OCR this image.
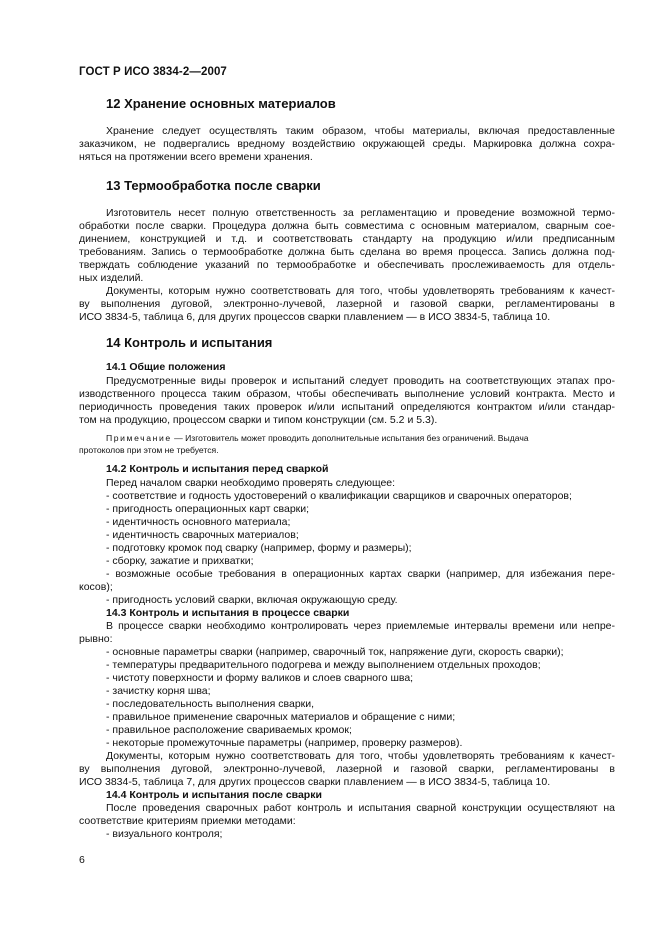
ГОСТ Р ИСО 3834-2—2007
12 Хранение основных материалов
Хранение следует осуществлять таким образом, чтобы материалы, включая предоставленные
заказчиком, не подвергались вредному воздействию окружающей среды. Маркировка должна сохра-
няться на протяжении всего времени хранения.
13 Термообработка после сварки
Изготовитель несет полную ответственность за регламентацию и проведение возможной термо-
обработки после сварки. Процедура должна быть совместима с основным материалом, сварным сое-
динением, конструкцией и т.д. и соответствовать стандарту на продукцию и/или предписанным
требованиям. Запись о термообработке должна быть сделана во время процесса. Запись должна под-
тверждать соблюдение указаний по термообработке и обеспечивать прослеживаемость для отдель-
ных изделий.
Документы, которым нужно соответствовать для того, чтобы удовлетворять требованиям к качест-
ву выполнения дуговой, электронно-лучевой, лазерной и газовой сварки, регламентированы в
ИСО 3834-5, таблица 6, для других процессов сварки плавлением — в ИСО 3834-5, таблица 10.
14 Контроль и испытания
14.1 Общие положения
Предусмотренные виды проверок и испытаний следует проводить на соответствующих этапах про-
изводственного процесса таким образом, чтобы обеспечивать выполнение условий контракта. Место и
периодичность проведения таких проверок и/или испытаний определяются контрактом и/или стандар-
том на продукцию, процессом сварки и типом конструкции (см. 5.2 и 5.3).
Примечание — Изготовитель может проводить дополнительные испытания без ограничений. Выдача
протоколов при этом не требуется.
14.2 Контроль и испытания перед сваркой
Перед началом сварки необходимо проверять следующее:
- соответствие и годность удостоверений о квалификации сварщиков и сварочных операторов;
- пригодность операционных карт сварки;
- идентичность основного материала;
- идентичность сварочных материалов;
- подготовку кромок под сварку (например, форму и размеры);
- сборку, зажатие и прихватки;
- возможные особые требования в операционных картах сварки (например, для избежания пере-
косов);
- пригодность условий сварки, включая окружающую среду.
14.3 Контроль и испытания в процессе сварки
В процессе сварки необходимо контролировать через приемлемые интервалы времени или непре-
рывно:
- основные параметры сварки (например, сварочный ток, напряжение дуги, скорость сварки);
- температуры предварительного подогрева и между выполнением отдельных проходов;
- чистоту поверхности и форму валиков и слоев сварного шва;
- зачистку корня шва;
- последовательность выполнения сварки,
- правильное применение сварочных материалов и обращение с ними;
- правильное расположение свариваемых кромок;
- некоторые промежуточные параметры (например, проверку размеров).
Документы, которым нужно соответствовать для того, чтобы удовлетворять требованиям к качест-
ву выполнения дуговой, электронно-лучевой, лазерной и газовой сварки, регламентированы в
ИСО 3834-5, таблица 7, для других процессов сварки плавлением — в ИСО 3834-5, таблица 10.
14.4 Контроль и испытания после сварки
После проведения сварочных работ контроль и испытания сварной конструкции осуществляют на
соответствие критериям приемки методами:
- визуального контроля;
6
